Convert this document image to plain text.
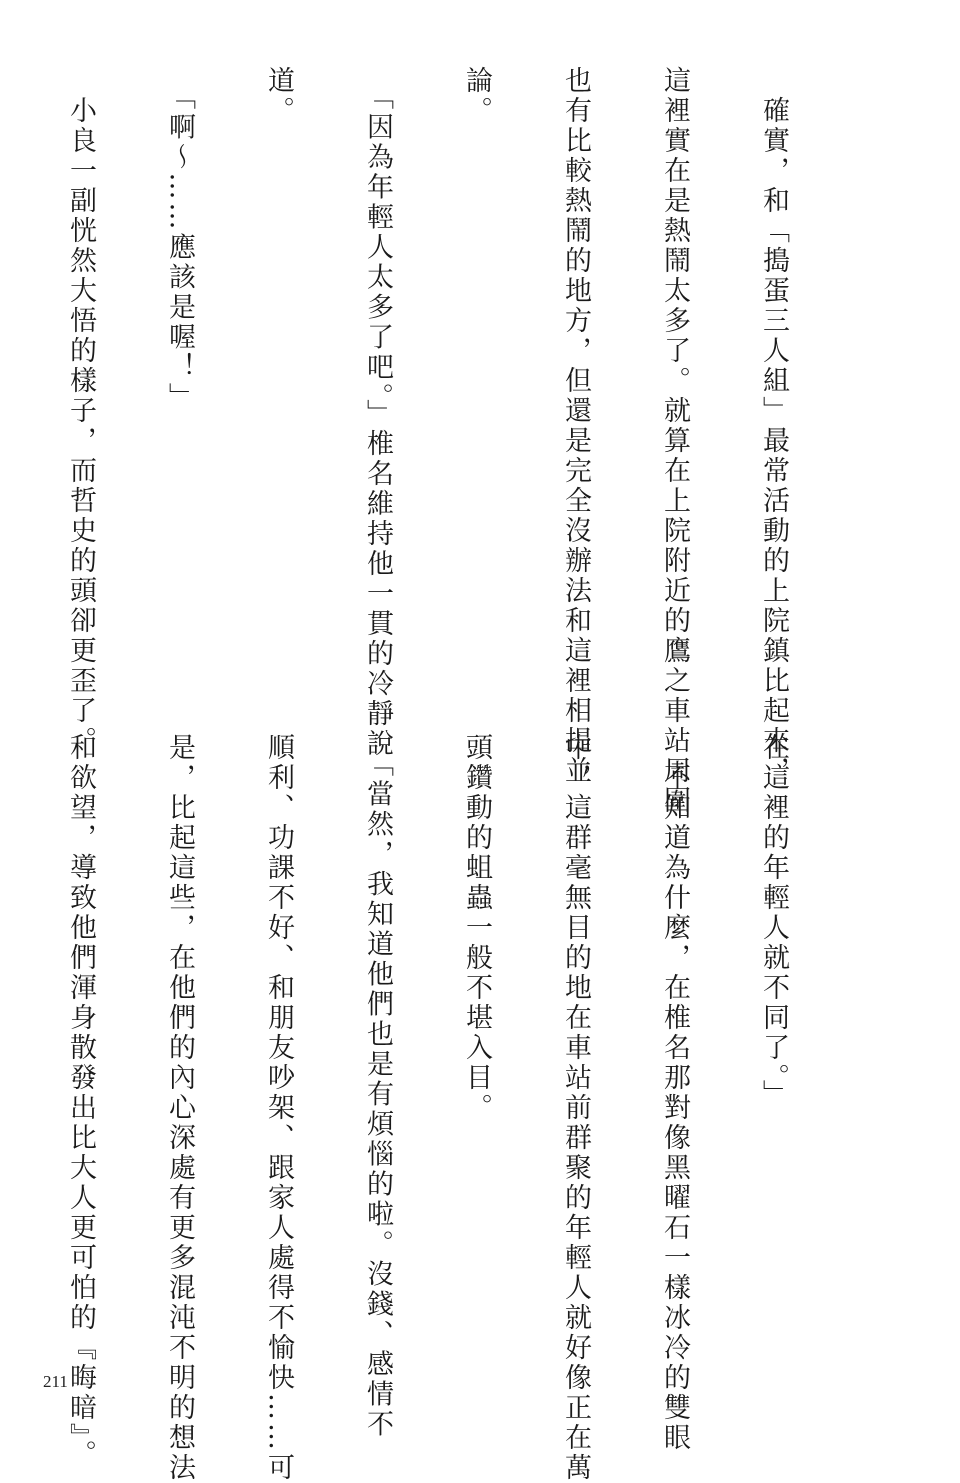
　確實，和「搗蛋三人組」最常活動的上院鎮比起來，

這裡實在是熱鬧太多了。就算在上院附近的鷹之車站周圍

也有比較熱鬧的地方，但還是完全沒辦法和這裡相提並

論。

　「因為年輕人太多了吧。」椎名維持他一貫的冷靜說

道。

　「啊～……應該是喔！」

　小良一副恍然大悟的樣子，而哲史的頭卻更歪了。

在這裡的年輕人就不同了。」

　不知道為什麼，在椎名那對像黑曜石一樣冰冷的雙眼

中，這群毫無目的地在車站前群聚的年輕人就好像正在萬

頭鑽動的蛆蟲一般不堪入目。

　「當然，我知道他們也是有煩惱的啦。沒錢、感情不

順利、功課不好、和朋友吵架、跟家人處得不愉快……可

是，比起這些，在他們的內心深處有更多混沌不明的想法

和欲望，導致他們渾身散發出比大人更可怕的『晦暗』。

211
